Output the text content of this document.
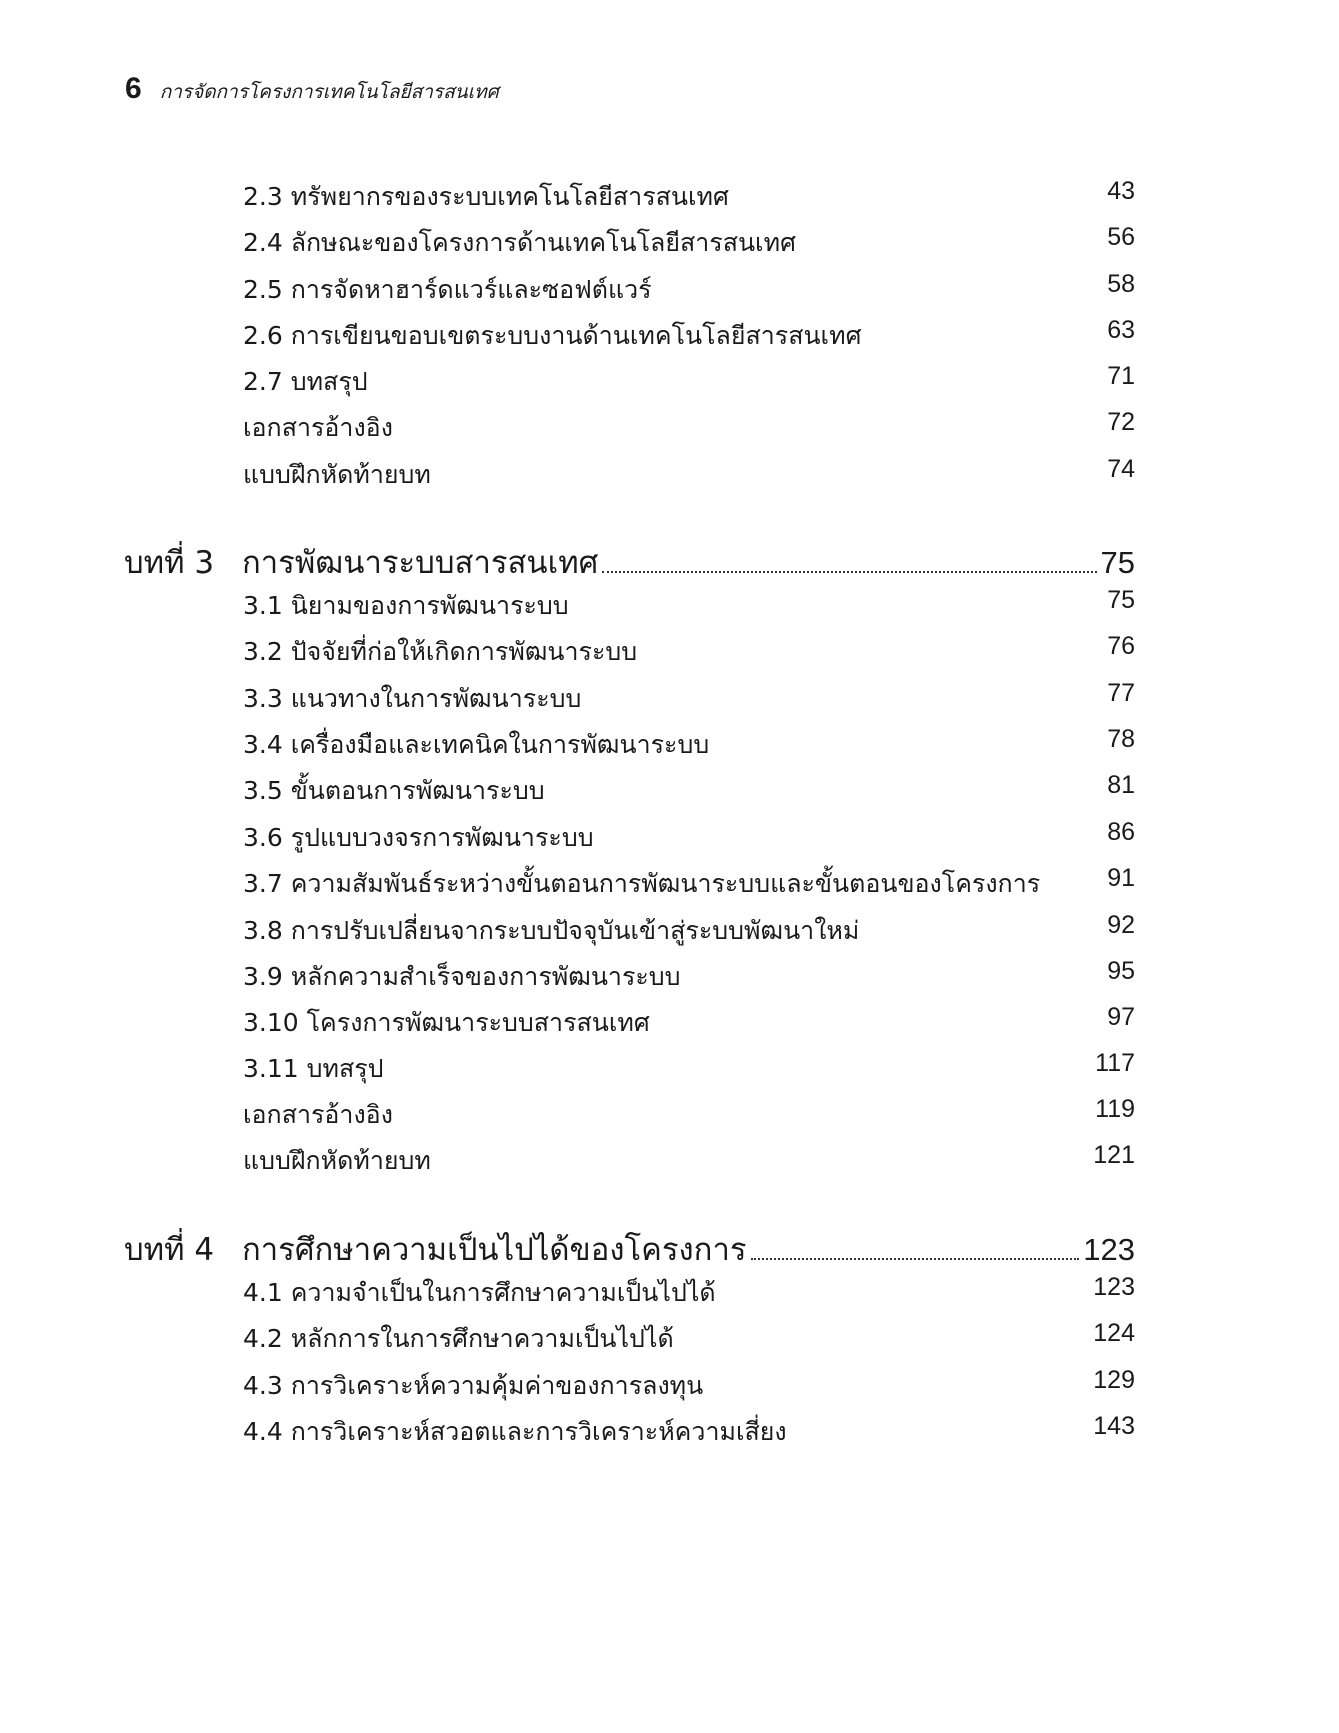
6 การจัดการโครงการเทคโนโลยีสารสนเทศ
2.3 ทรัพยากรของระบบเทคโนโลยีสารสนเทศ	43
2.4 ลักษณะของโครงการด้านเทคโนโลยีสารสนเทศ	56
2.5 การจัดหาฮาร์ดแวร์และซอฟต์แวร์	58
2.6 การเขียนขอบเขตระบบงานด้านเทคโนโลยีสารสนเทศ	63
2.7 บทสรุป	71
เอกสารอ้างอิง	72
แบบฝึกหัดท้ายบท	74
บทที่ 3 การพัฒนาระบบสารสนเทศ	75
3.1 นิยามของการพัฒนาระบบ	75
3.2 ปัจจัยที่ก่อให้เกิดการพัฒนาระบบ	76
3.3 แนวทางในการพัฒนาระบบ	77
3.4 เครื่องมือและเทคนิคในการพัฒนาระบบ	78
3.5 ขั้นตอนการพัฒนาระบบ	81
3.6 รูปแบบวงจรการพัฒนาระบบ	86
3.7 ความสัมพันธ์ระหว่างขั้นตอนการพัฒนาระบบและขั้นตอนของโครงการ	91
3.8 การปรับเปลี่ยนจากระบบปัจจุบันเข้าสู่ระบบพัฒนาใหม่	92
3.9 หลักความสำเร็จของการพัฒนาระบบ	95
3.10 โครงการพัฒนาระบบสารสนเทศ	97
3.11 บทสรุป	117
เอกสารอ้างอิง	119
แบบฝึกหัดท้ายบท	121
บทที่ 4 การศึกษาความเป็นไปได้ของโครงการ	123
4.1 ความจำเป็นในการศึกษาความเป็นไปได้	123
4.2 หลักการในการศึกษาความเป็นไปได้	124
4.3 การวิเคราะห์ความคุ้มค่าของการลงทุน	129
4.4 การวิเคราะห์สวอตและการวิเคราะห์ความเสี่ยง	143
